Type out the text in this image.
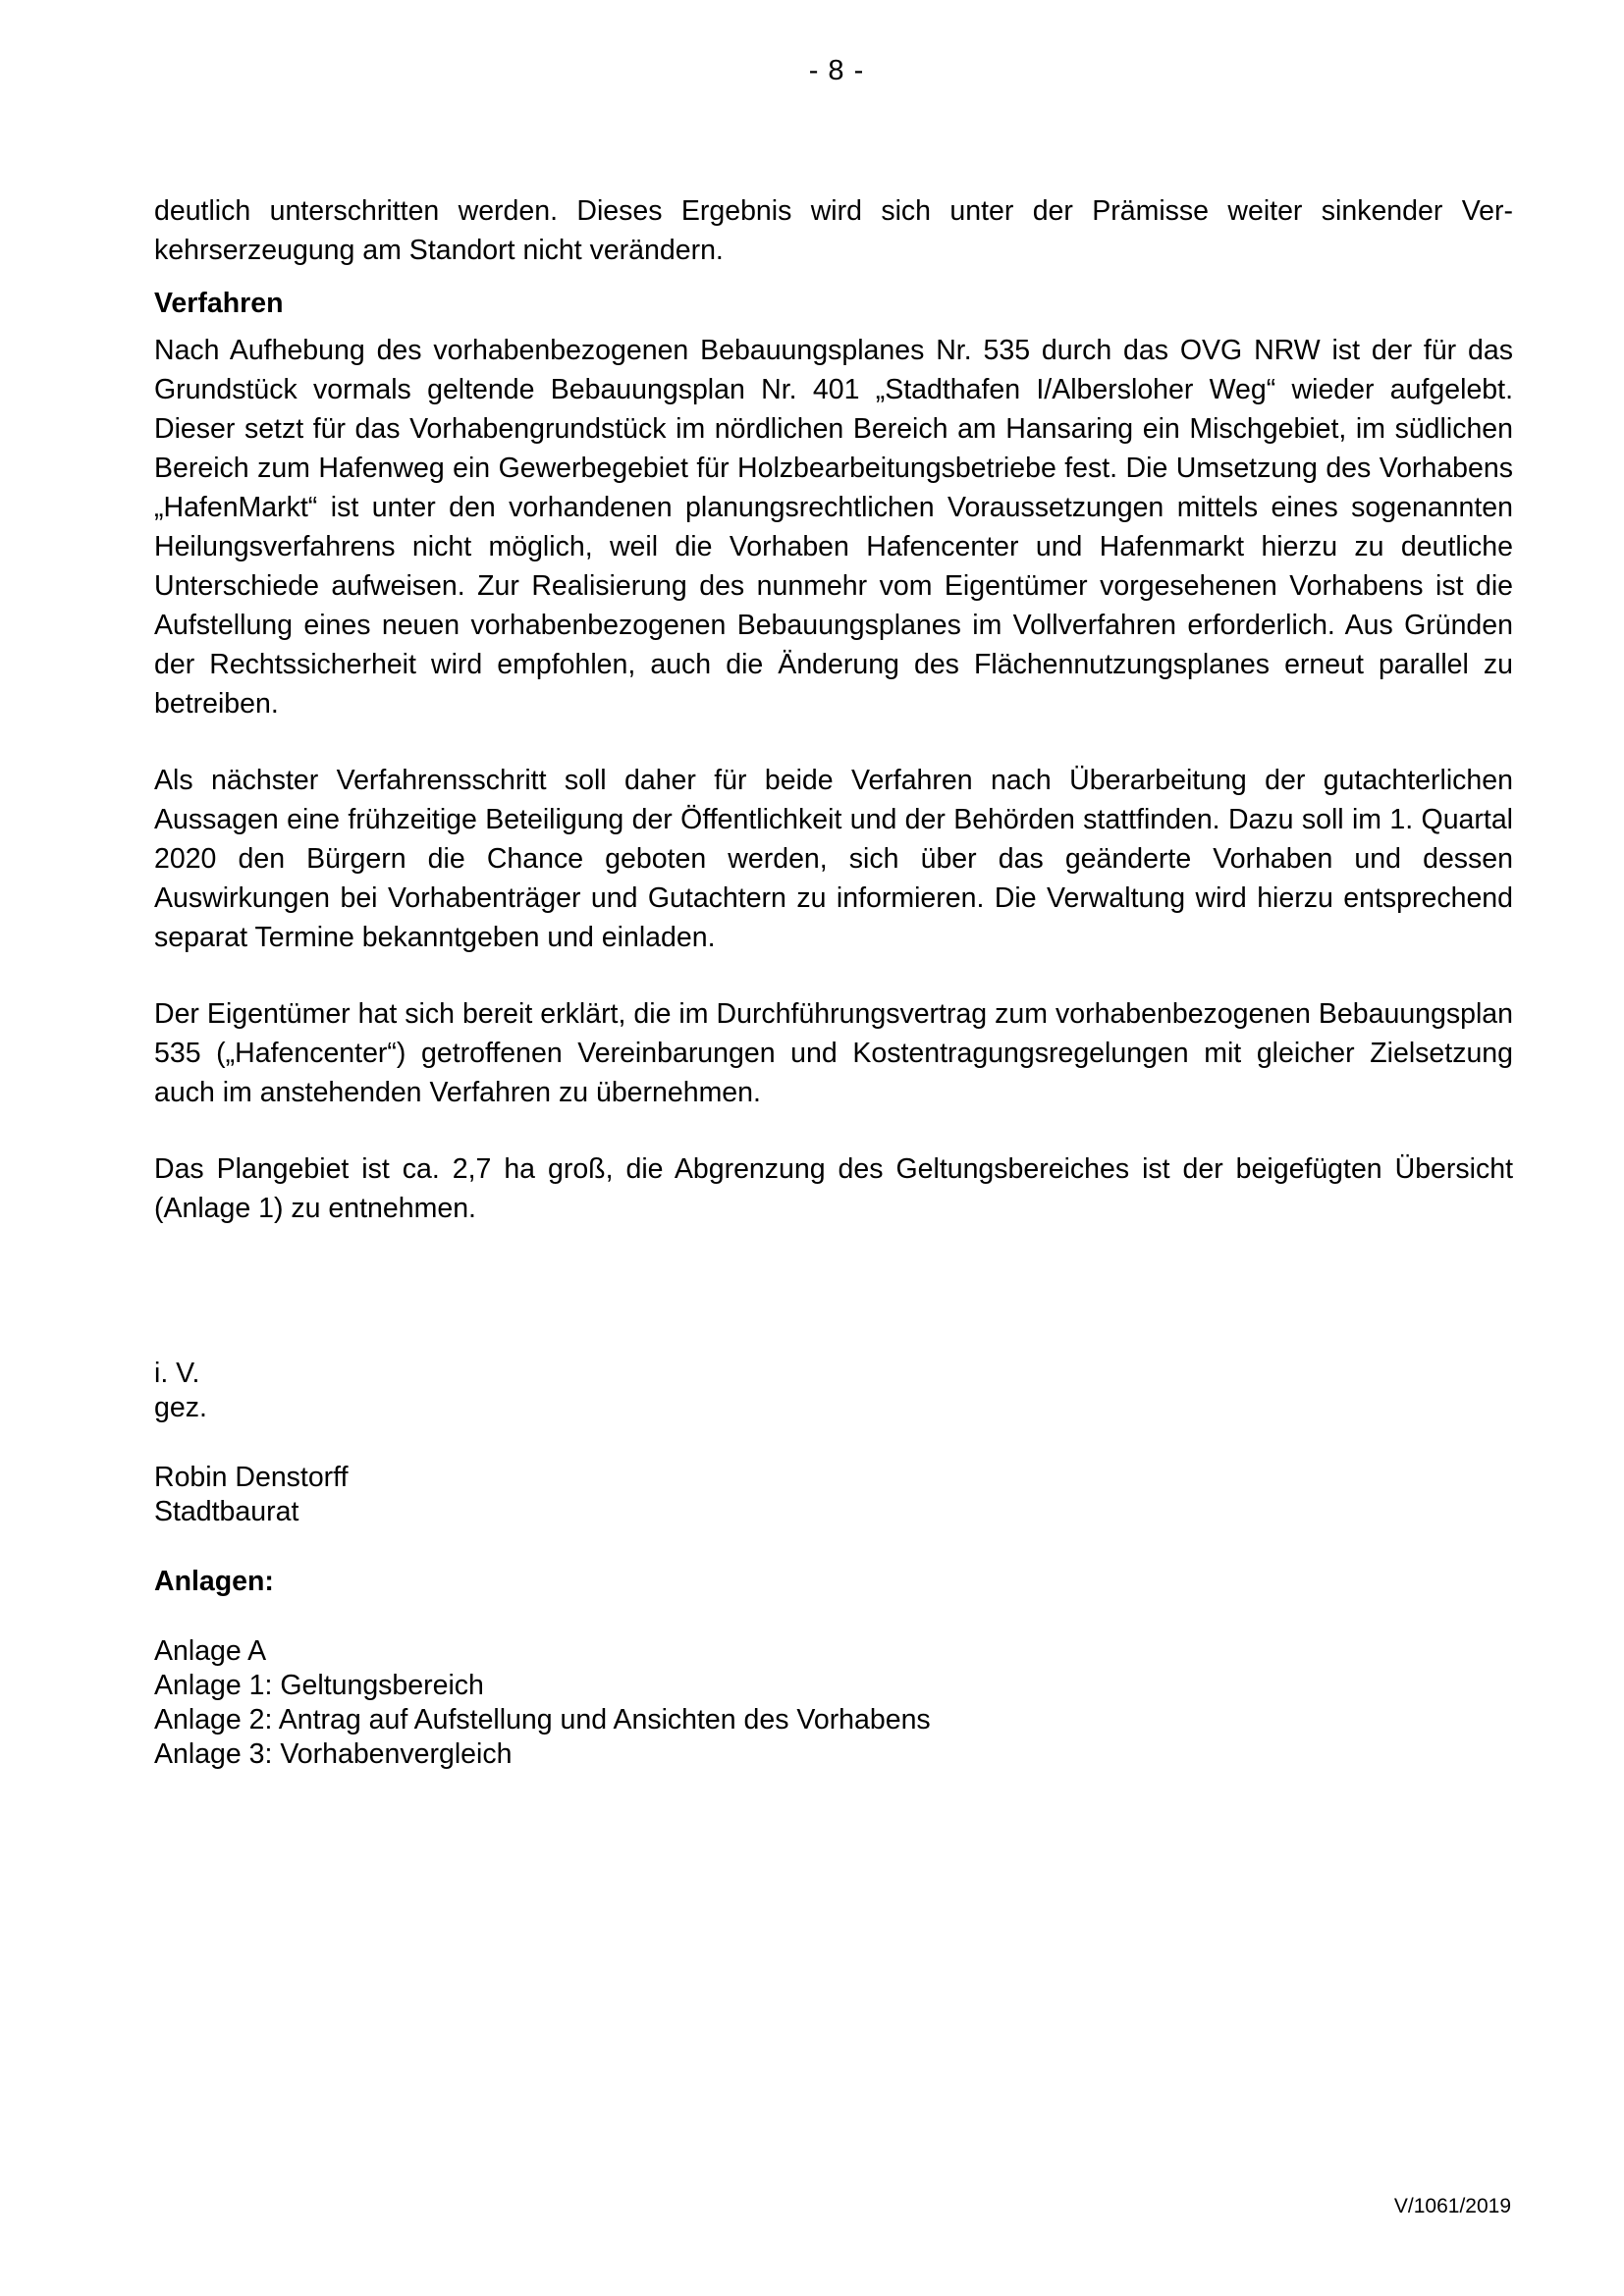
- 8 -

deutlich unterschritten werden. Dieses Ergebnis wird sich unter der Prämisse weiter sinkender Verkehrserzeugung am Standort nicht verändern.

Verfahren

Nach Aufhebung des vorhabenbezogenen Bebauungsplanes Nr. 535 durch das OVG NRW ist der für das Grundstück vormals geltende Bebauungsplan Nr. 401 „Stadthafen I/Albersloher Weg“ wieder aufgelebt. Dieser setzt für das Vorhabengrundstück im nördlichen Bereich am Hansaring ein Mischgebiet, im südlichen Bereich zum Hafenweg ein Gewerbegebiet für Holzbearbeitungsbetriebe fest. Die Umsetzung des Vorhabens „HafenMarkt“ ist unter den vorhandenen planungsrechtlichen Voraussetzungen mittels eines sogenannten Heilungsverfahrens nicht möglich, weil die Vorhaben Hafencenter und Hafenmarkt hierzu zu deutliche Unterschiede aufweisen. Zur Realisierung des nunmehr vom Eigentümer vorgesehenen Vorhabens ist die Aufstellung eines neuen vorhabenbezogenen Bebauungsplanes im Vollverfahren erforderlich. Aus Gründen der Rechtssicherheit wird empfohlen, auch die Änderung des Flächennutzungsplanes erneut parallel zu betreiben.

Als nächster Verfahrensschritt soll daher für beide Verfahren nach Überarbeitung der gutachterlichen Aussagen eine frühzeitige Beteiligung der Öffentlichkeit und der Behörden stattfinden. Dazu soll im 1. Quartal 2020 den Bürgern die Chance geboten werden, sich über das geänderte Vorhaben und dessen Auswirkungen bei Vorhabenträger und Gutachtern zu informieren. Die Verwaltung wird hierzu entsprechend separat Termine bekanntgeben und einladen.

Der Eigentümer hat sich bereit erklärt, die im Durchführungsvertrag zum vorhabenbezogenen Bebauungsplan 535 („Hafencenter“) getroffenen Vereinbarungen und Kostentragungsregelungen mit gleicher Zielsetzung auch im anstehenden Verfahren zu übernehmen.

Das Plangebiet ist ca. 2,7 ha groß, die Abgrenzung des Geltungsbereiches ist der beigefügten Übersicht (Anlage 1) zu entnehmen.

i. V.
gez.
Robin Denstorff
Stadtbaurat
Anlagen:
Anlage A
Anlage 1: Geltungsbereich
Anlage 2: Antrag auf Aufstellung und Ansichten des Vorhabens
Anlage 3: Vorhabenvergleich
V/1061/2019
